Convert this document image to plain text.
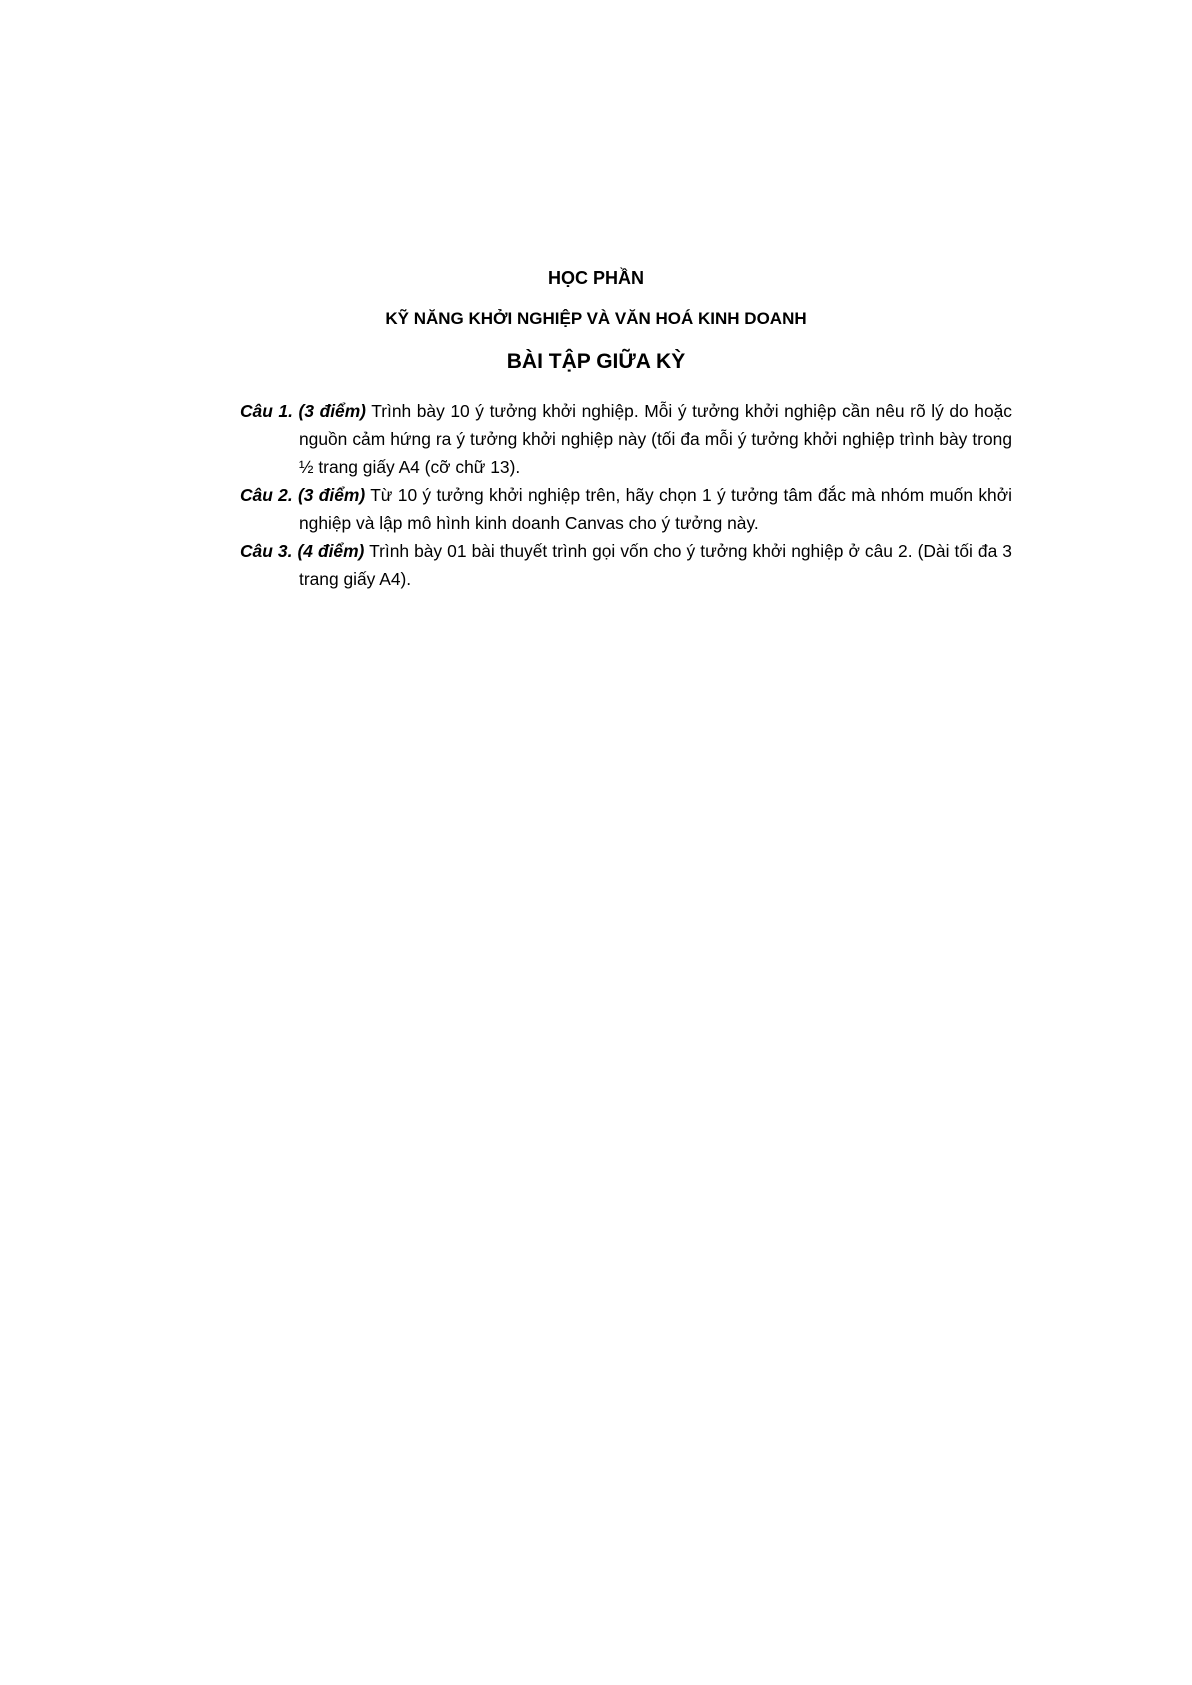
HỌC PHẦN
KỸ NĂNG KHỞI NGHIỆP VÀ VĂN HOÁ KINH DOANH
BÀI TẬP GIỮA KỲ

Câu 1. (3 điểm) Trình bày 10 ý tưởng khởi nghiệp. Mỗi ý tưởng khởi nghiệp cần nêu rõ lý do hoặc nguồn cảm hứng ra ý tưởng khởi nghiệp này (tối đa mỗi ý tưởng khởi nghiệp trình bày trong ½ trang giấy A4 (cỡ chữ 13).

Câu 2. (3 điểm) Từ 10 ý tưởng khởi nghiệp trên, hãy chọn 1 ý tưởng tâm đắc mà nhóm muốn khởi nghiệp và lập mô hình kinh doanh Canvas cho ý tưởng này.

Câu 3. (4 điểm) Trình bày 01 bài thuyết trình gọi vốn cho ý tưởng khởi nghiệp ở câu 2. (Dài tối đa 3 trang giấy A4).
